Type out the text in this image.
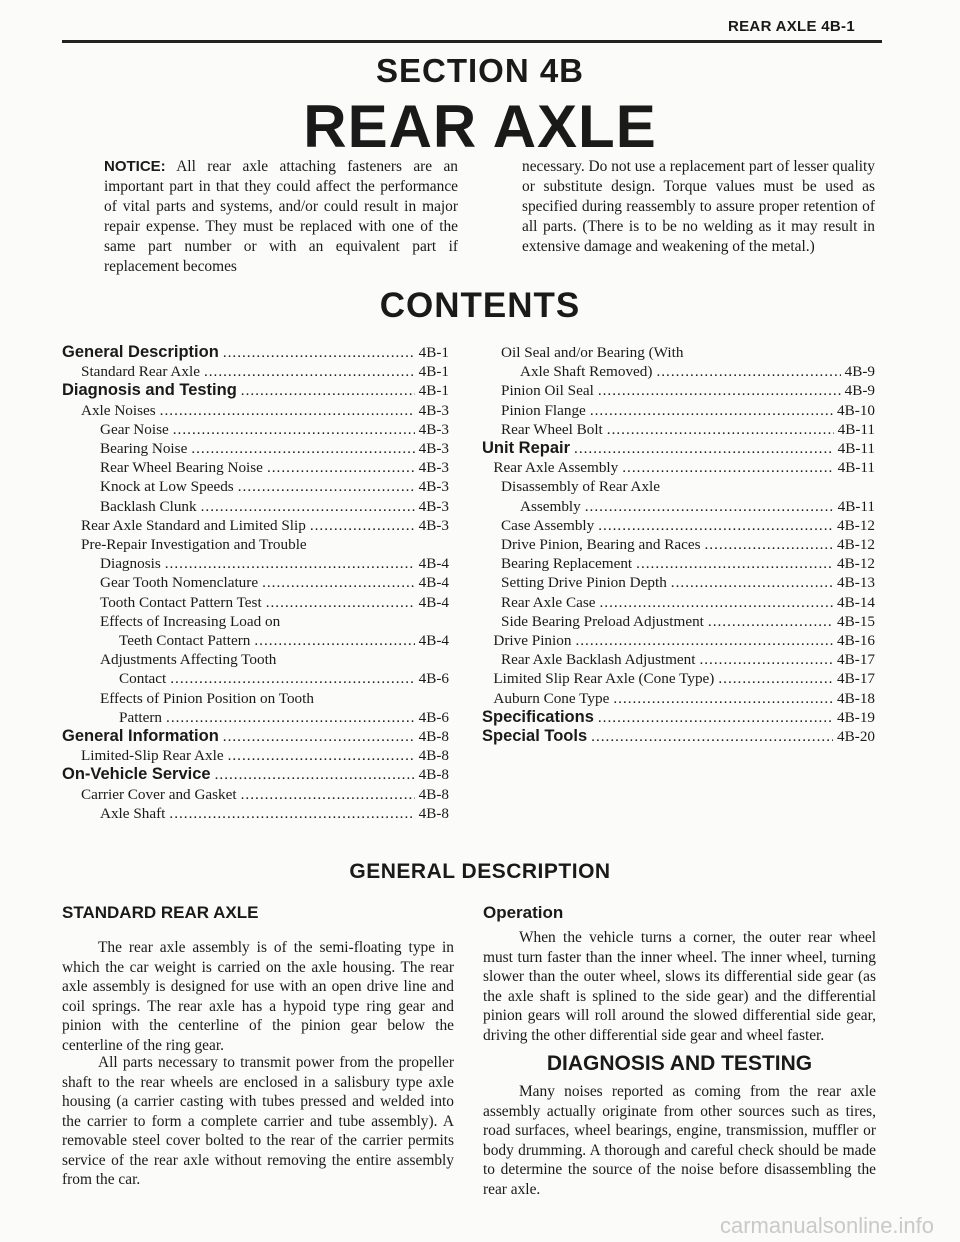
REAR AXLE 4B-1
SECTION 4B
REAR AXLE
NOTICE: All rear axle attaching fasteners are an important part in that they could affect the performance of vital parts and systems, and/or could result in major repair expense. They must be replaced with one of the same part number or with an equivalent part if replacement becomes
necessary. Do not use a replacement part of lesser quality or substitute design. Torque values must be used as specified during reassembly to assure proper retention of all parts. (There is to be no welding as it may result in extensive damage and weakening of the metal.)
CONTENTS
General Description .....	4B-1
Standard Rear Axle .....	4B-1
Diagnosis and Testing .....	4B-1
Axle Noises .....	4B-3
Gear Noise .....	4B-3
Bearing Noise .....	4B-3
Rear Wheel Bearing Noise .....	4B-3
Knock at Low Speeds .....	4B-3
Backlash Clunk .....	4B-3
Rear Axle Standard and Limited Slip .....	4B-3
Pre-Repair Investigation and Trouble
Diagnosis .....	4B-4
Gear Tooth Nomenclature .....	4B-4
Tooth Contact Pattern Test .....	4B-4
Effects of Increasing Load on
Teeth Contact Pattern .....	4B-4
Adjustments Affecting Tooth
Contact .....	4B-6
Effects of Pinion Position on Tooth
Pattern .....	4B-6
General Information .....	4B-8
Limited-Slip Rear Axle .....	4B-8
On-Vehicle Service .....	4B-8
Carrier Cover and Gasket .....	4B-8
Axle Shaft .....	4B-8
Oil Seal and/or Bearing (With
Axle Shaft Removed) .....	4B-9
Pinion Oil Seal .....	4B-9
Pinion Flange .....	4B-10
Rear Wheel Bolt .....	4B-11
Unit Repair .....	4B-11
Rear Axle Assembly .....	4B-11
Disassembly of Rear Axle
Assembly .....	4B-11
Case Assembly .....	4B-12
Drive Pinion, Bearing and Races .....	4B-12
Bearing Replacement .....	4B-12
Setting Drive Pinion Depth .....	4B-13
Rear Axle Case .....	4B-14
Side Bearing Preload Adjustment .....	4B-15
Drive Pinion .....	4B-16
Rear Axle Backlash Adjustment .....	4B-17
Limited Slip Rear Axle (Cone Type) .....	4B-17
Auburn Cone Type .....	4B-18
Specifications .....	4B-19
Special Tools .....	4B-20
GENERAL DESCRIPTION
STANDARD REAR AXLE
The rear axle assembly is of the semi-floating type in which the car weight is carried on the axle housing. The rear axle assembly is designed for use with an open drive line and coil springs. The rear axle has a hypoid type ring gear and pinion with the centerline of the pinion gear below the centerline of the ring gear.
All parts necessary to transmit power from the propeller shaft to the rear wheels are enclosed in a salisbury type axle housing (a carrier casting with tubes pressed and welded into the carrier to form a complete carrier and tube assembly). A removable steel cover bolted to the rear of the carrier permits service of the rear axle without removing the entire assembly from the car.
Operation
When the vehicle turns a corner, the outer rear wheel must turn faster than the inner wheel. The inner wheel, turning slower than the outer wheel, slows its differential side gear (as the axle shaft is splined to the side gear) and the differential pinion gears will roll around the slowed differential side gear, driving the other differential side gear and wheel faster.
DIAGNOSIS AND TESTING
Many noises reported as coming from the rear axle assembly actually originate from other sources such as tires, road surfaces, wheel bearings, engine, transmission, muffler or body drumming. A thorough and careful check should be made to determine the source of the noise before disassembling the rear axle.
carmanualsonline.info
